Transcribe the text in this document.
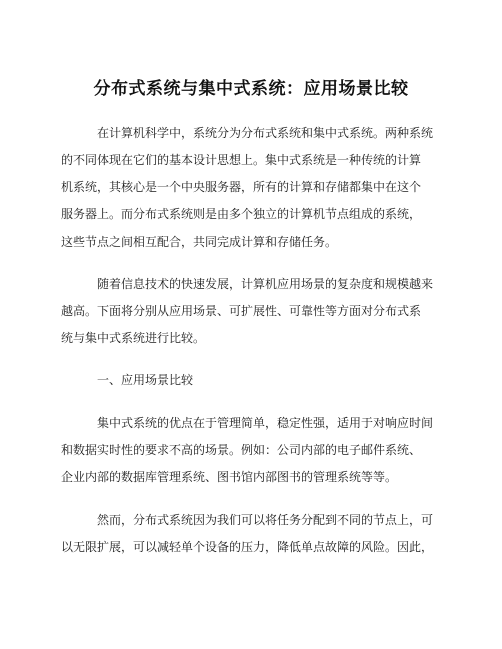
分布式系统与集中式系统：应用场景比较
在计算机科学中，系统分为分布式系统和集中式系统。两种系统
的不同体现在它们的基本设计思想上。集中式系统是一种传统的计算
机系统，其核心是一个中央服务器，所有的计算和存储都集中在这个
服务器上。而分布式系统则是由多个独立的计算机节点组成的系统，
这些节点之间相互配合，共同完成计算和存储任务。
随着信息技术的快速发展，计算机应用场景的复杂度和规模越来
越高。下面将分别从应用场景、可扩展性、可靠性等方面对分布式系
统与集中式系统进行比较。
一、应用场景比较
集中式系统的优点在于管理简单，稳定性强，适用于对响应时间
和数据实时性的要求不高的场景。例如：公司内部的电子邮件系统、
企业内部的数据库管理系统、图书馆内部图书的管理系统等等。
然而，分布式系统因为我们可以将任务分配到不同的节点上，可
以无限扩展，可以减轻单个设备的压力，降低单点故障的风险。因此，
